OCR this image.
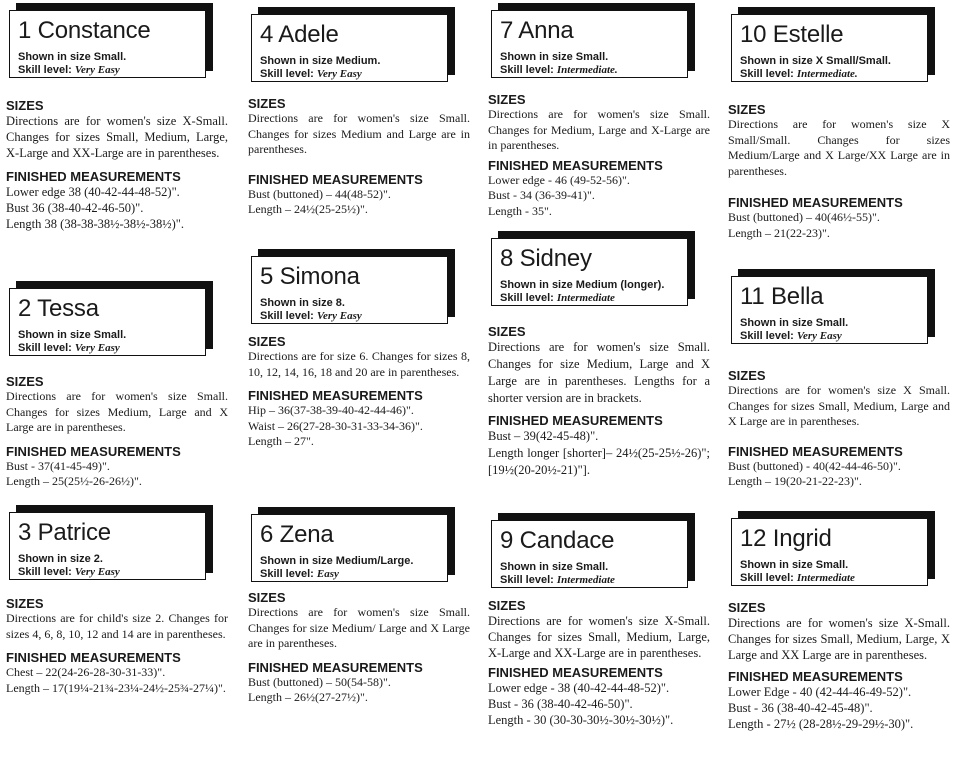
1 Constance
Shown in size Small.
Skill level: Very Easy
SIZES
Directions are for women's size X-Small. Changes for sizes Small, Medium, Large, X-Large and XX-Large are in parentheses.
FINISHED MEASUREMENTS
Lower edge 38 (40-42-44-48-52)".
Bust 36 (38-40-42-46-50)".
Length 38 (38-38-38½-38½-38½)".
2 Tessa
Shown in size Small.
Skill level: Very Easy
SIZES
Directions are for women's size Small. Changes for sizes Medium, Large and X Large are in parentheses.
FINISHED MEASUREMENTS
Bust - 37(41-45-49)".
Length – 25(25½-26-26½)".
3 Patrice
Shown in size 2.
Skill level: Very Easy
SIZES
Directions are for child's size 2. Changes for sizes 4, 6, 8, 10, 12 and 14 are in parentheses.
FINISHED MEASUREMENTS
Chest – 22(24-26-28-30-31-33)".
Length – 17(19¼-21¾-23¼-24½-25¾-27¼)".
4 Adele
Shown in size Medium.
Skill level: Very Easy
SIZES
Directions are for women's size Small. Changes for sizes Medium and Large are in parentheses.
FINISHED MEASUREMENTS
Bust (buttoned) – 44(48-52)".
Length – 24½(25-25½)".
5 Simona
Shown in size 8.
Skill level: Very Easy
SIZES
Directions are for size 6. Changes for sizes 8, 10, 12, 14, 16, 18 and 20 are in parentheses.
FINISHED MEASUREMENTS
Hip – 36(37-38-39-40-42-44-46)".
Waist – 26(27-28-30-31-33-34-36)".
Length – 27".
6 Zena
Shown in size Medium/Large.
Skill level: Easy
SIZES
Directions are for women's size Small. Changes for size Medium/ Large and X Large are in parentheses.
FINISHED MEASUREMENTS
Bust (buttoned) – 50(54-58)".
Length – 26½(27-27½)".
7 Anna
Shown in size Small.
Skill level: Intermediate.
SIZES
Directions are for women's size Small. Changes for Medium, Large and X-Large are in parentheses.
FINISHED MEASUREMENTS
Lower edge - 46 (49-52-56)".
Bust - 34 (36-39-41)".
Length - 35".
8 Sidney
Shown in size Medium (longer).
Skill level: Intermediate
SIZES
Directions are for women's size Small. Changes for size Medium, Large and X Large are in parentheses. Lengths for a shorter version are in brackets.
FINISHED MEASUREMENTS
Bust – 39(42-45-48)".
Length longer [shorter]– 24½(25-25½-26)"; [19½(20-20½-21)"].
9 Candace
Shown in size Small.
Skill level: Intermediate
SIZES
Directions are for women's size X-Small. Changes for sizes Small, Medium, Large, X-Large and XX-Large are in parentheses.
FINISHED MEASUREMENTS
Lower edge - 38 (40-42-44-48-52)".
Bust - 36 (38-40-42-46-50)".
Length - 30 (30-30-30½-30½-30½)".
10 Estelle
Shown in size X Small/Small.
Skill level: Intermediate.
SIZES
Directions are for women's size X Small/Small. Changes for sizes Medium/Large and X Large/XX Large are in parentheses.
FINISHED MEASUREMENTS
Bust (buttoned) – 40(46½-55)".
Length – 21(22-23)".
11 Bella
Shown in size Small.
Skill level: Very Easy
SIZES
Directions are for women's size X Small. Changes for sizes Small, Medium, Large and X Large are in parentheses.
FINISHED MEASUREMENTS
Bust (buttoned) - 40(42-44-46-50)".
Length – 19(20-21-22-23)".
12 Ingrid
Shown in size Small.
Skill level: Intermediate
SIZES
Directions are for women's size X-Small. Changes for sizes Small, Medium, Large, X Large and XX Large are in parentheses.
FINISHED MEASUREMENTS
Lower Edge - 40 (42-44-46-49-52)".
Bust - 36 (38-40-42-45-48)".
Length - 27½ (28-28½-29-29½-30)".
